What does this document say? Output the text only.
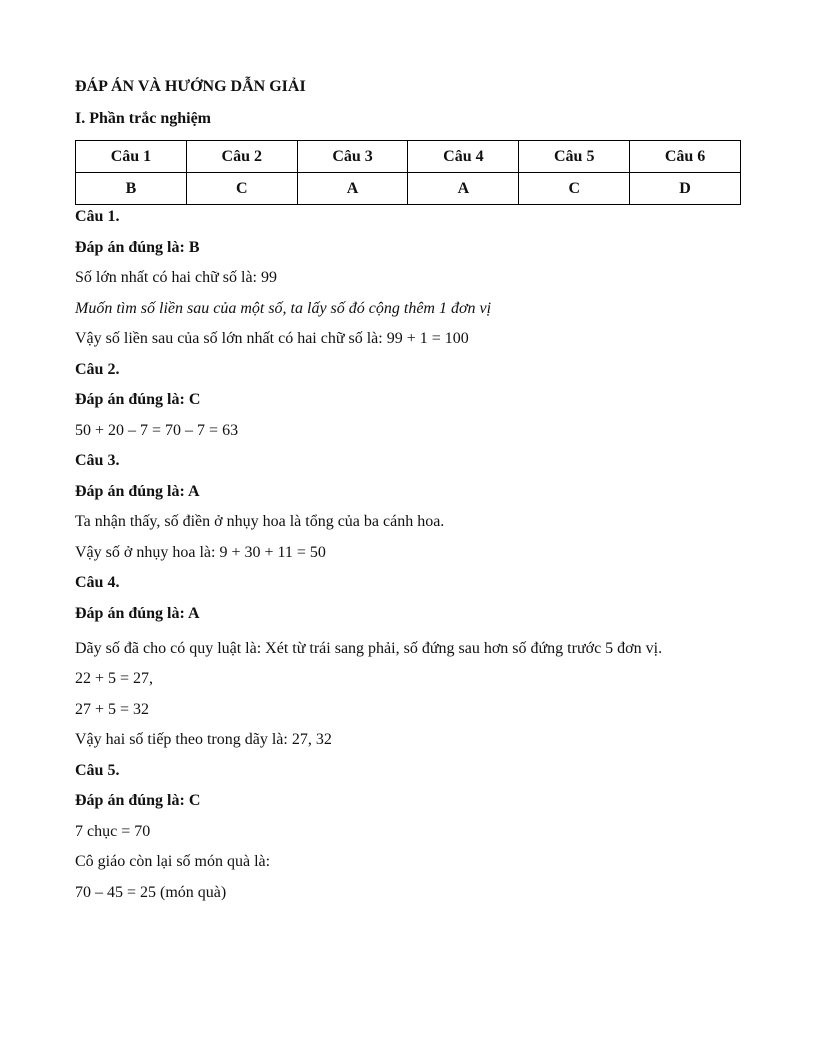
ĐÁP ÁN VÀ HƯỚNG DẪN GIẢI
I. Phần trắc nghiệm
Câu 1	Câu 2	Câu 3	Câu 4	Câu 5	Câu 6
B	C	A	A	C	D
Câu 1.
Đáp án đúng là: B
Số lớn nhất có hai chữ số là: 99
Muốn tìm số liền sau của một số, ta lấy số đó cộng thêm 1 đơn vị
Vậy số liền sau của số lớn nhất có hai chữ số là: 99 + 1 = 100
Câu 2.
Đáp án đúng là: C
50 + 20 – 7 = 70 – 7 = 63
Câu 3.
Đáp án đúng là: A
Ta nhận thấy, số điền ở nhụy hoa là tổng của ba cánh hoa.
Vậy số ở nhụy hoa là: 9 + 30 + 11 = 50
Câu 4.
Đáp án đúng là: A
Dãy số đã cho có quy luật là: Xét từ trái sang phải, số đứng sau hơn số đứng trước 5 đơn vị.
22 + 5 = 27,
27 + 5 = 32
Vậy hai số tiếp theo trong dãy là: 27, 32
Câu 5.
Đáp án đúng là: C
7 chục = 70
Cô giáo còn lại số món quà là:
70 – 45 = 25 (món quà)
